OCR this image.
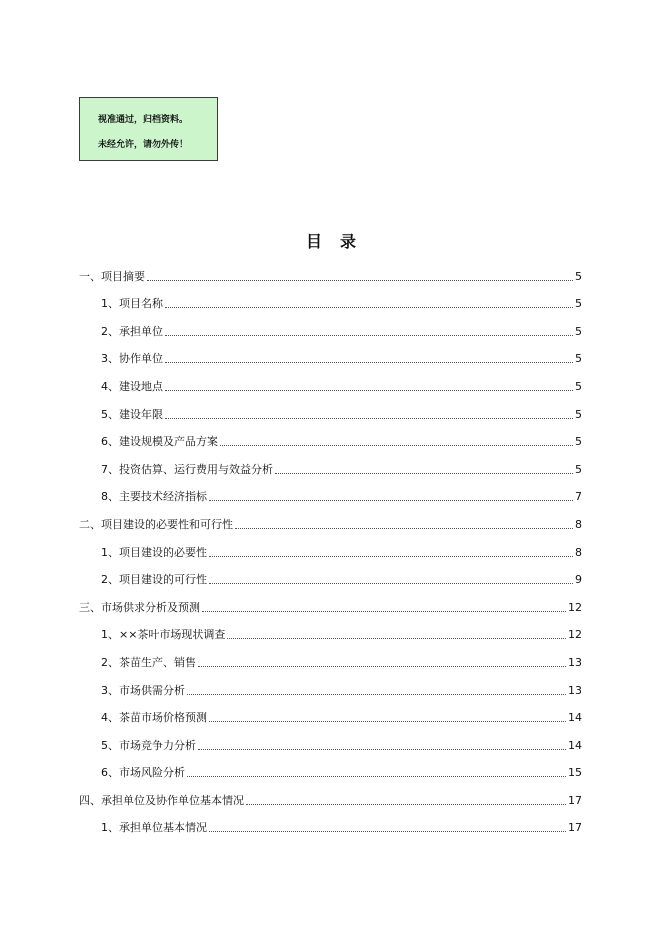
视准通过，归档资料。
未经允许，请勿外传！
目录
一、项目摘要	5
1、项目名称	5
2、承担单位	5
3、协作单位	5
4、建设地点	5
5、建设年限	5
6、建设规模及产品方案	5
7、投资估算、运行费用与效益分析	5
8、主要技术经济指标	7
二、项目建设的必要性和可行性	8
1、项目建设的必要性	8
2、项目建设的可行性	9
三、市场供求分析及预测	12
1、××茶叶市场现状调查	12
2、茶苗生产、销售	13
3、市场供需分析	13
4、茶苗市场价格预测	14
5、市场竞争力分析	14
6、市场风险分析	15
四、承担单位及协作单位基本情况	17
1、承担单位基本情况	17
